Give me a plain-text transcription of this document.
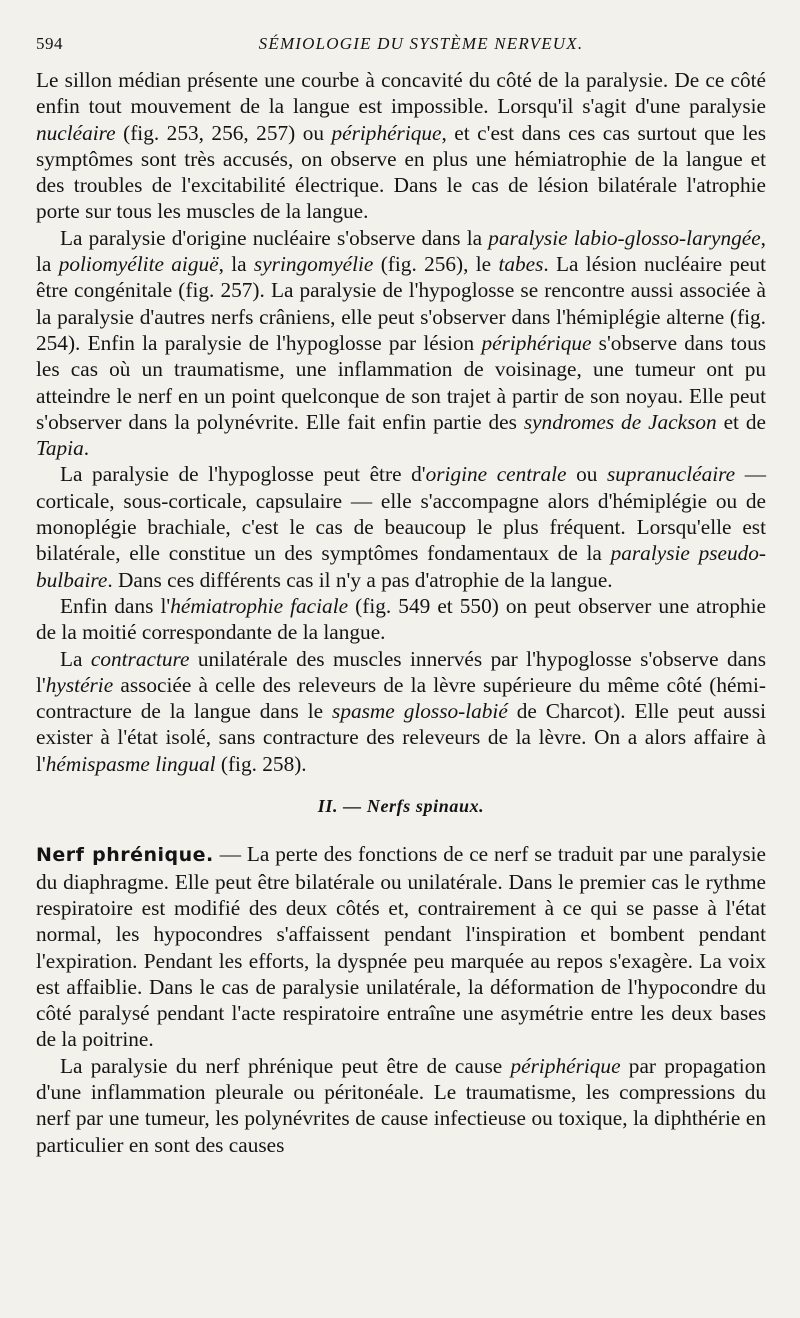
594	SÉMIOLOGIE DU SYSTÈME NERVEUX.

Le sillon médian présente une courbe à concavité du côté de la paralysie. De ce côté enfin tout mouvement de la langue est impossible. Lorsqu'il s'agit d'une paralysie nucléaire (fig. 253, 256, 257) ou périphérique, et c'est dans ces cas surtout que les symptômes sont très accusés, on observe en plus une hémiatrophie de la langue et des troubles de l'excitabilité électrique. Dans le cas de lésion bilatérale l'atrophie porte sur tous les muscles de la langue.

La paralysie d'origine nucléaire s'observe dans la paralysie labio-glosso-laryngée, la poliomyélite aiguë, la syringomyélie (fig. 256), le tabes. La lésion nucléaire peut être congénitale (fig. 257). La paralysie de l'hypoglosse se rencontre aussi associée à la paralysie d'autres nerfs crâniens, elle peut s'observer dans l'hémiplégie alterne (fig. 254). Enfin la paralysie de l'hypoglosse par lésion périphérique s'observe dans tous les cas où un traumatisme, une inflammation de voisinage, une tumeur ont pu atteindre le nerf en un point quelconque de son trajet à partir de son noyau. Elle peut s'observer dans la polynévrite. Elle fait enfin partie des syndromes de Jackson et de Tapia.

La paralysie de l'hypoglosse peut être d'origine centrale ou supranucléaire — corticale, sous-corticale, capsulaire — elle s'accompagne alors d'hémiplégie ou de monoplégie brachiale, c'est le cas de beaucoup le plus fréquent. Lorsqu'elle est bilatérale, elle constitue un des symptômes fondamentaux de la paralysie pseudo-bulbaire. Dans ces différents cas il n'y a pas d'atrophie de la langue.

Enfin dans l'hémiatrophie faciale (fig. 549 et 550) on peut observer une atrophie de la moitié correspondante de la langue.

La contracture unilatérale des muscles innervés par l'hypoglosse s'observe dans l'hystérie associée à celle des releveurs de la lèvre supérieure du même côté (hémi-contracture de la langue dans le spasme glosso-labié de Charcot). Elle peut aussi exister à l'état isolé, sans contracture des releveurs de la lèvre. On a alors affaire à l'hémispasme lingual (fig. 258).

II. — Nerfs spinaux.

Nerf phrénique. — La perte des fonctions de ce nerf se traduit par une paralysie du diaphragme. Elle peut être bilatérale ou unilatérale. Dans le premier cas le rythme respiratoire est modifié des deux côtés et, contrairement à ce qui se passe à l'état normal, les hypocondres s'affaissent pendant l'inspiration et bombent pendant l'expiration. Pendant les efforts, la dyspnée peu marquée au repos s'exagère. La voix est affaiblie. Dans le cas de paralysie unilatérale, la déformation de l'hypocondre du côté paralysé pendant l'acte respiratoire entraîne une asymétrie entre les deux bases de la poitrine.

La paralysie du nerf phrénique peut être de cause périphérique par propagation d'une inflammation pleurale ou péritonéale. Le traumatisme, les compressions du nerf par une tumeur, les polynévrites de cause infectieuse ou toxique, la diphthérie en particulier en sont des causes
